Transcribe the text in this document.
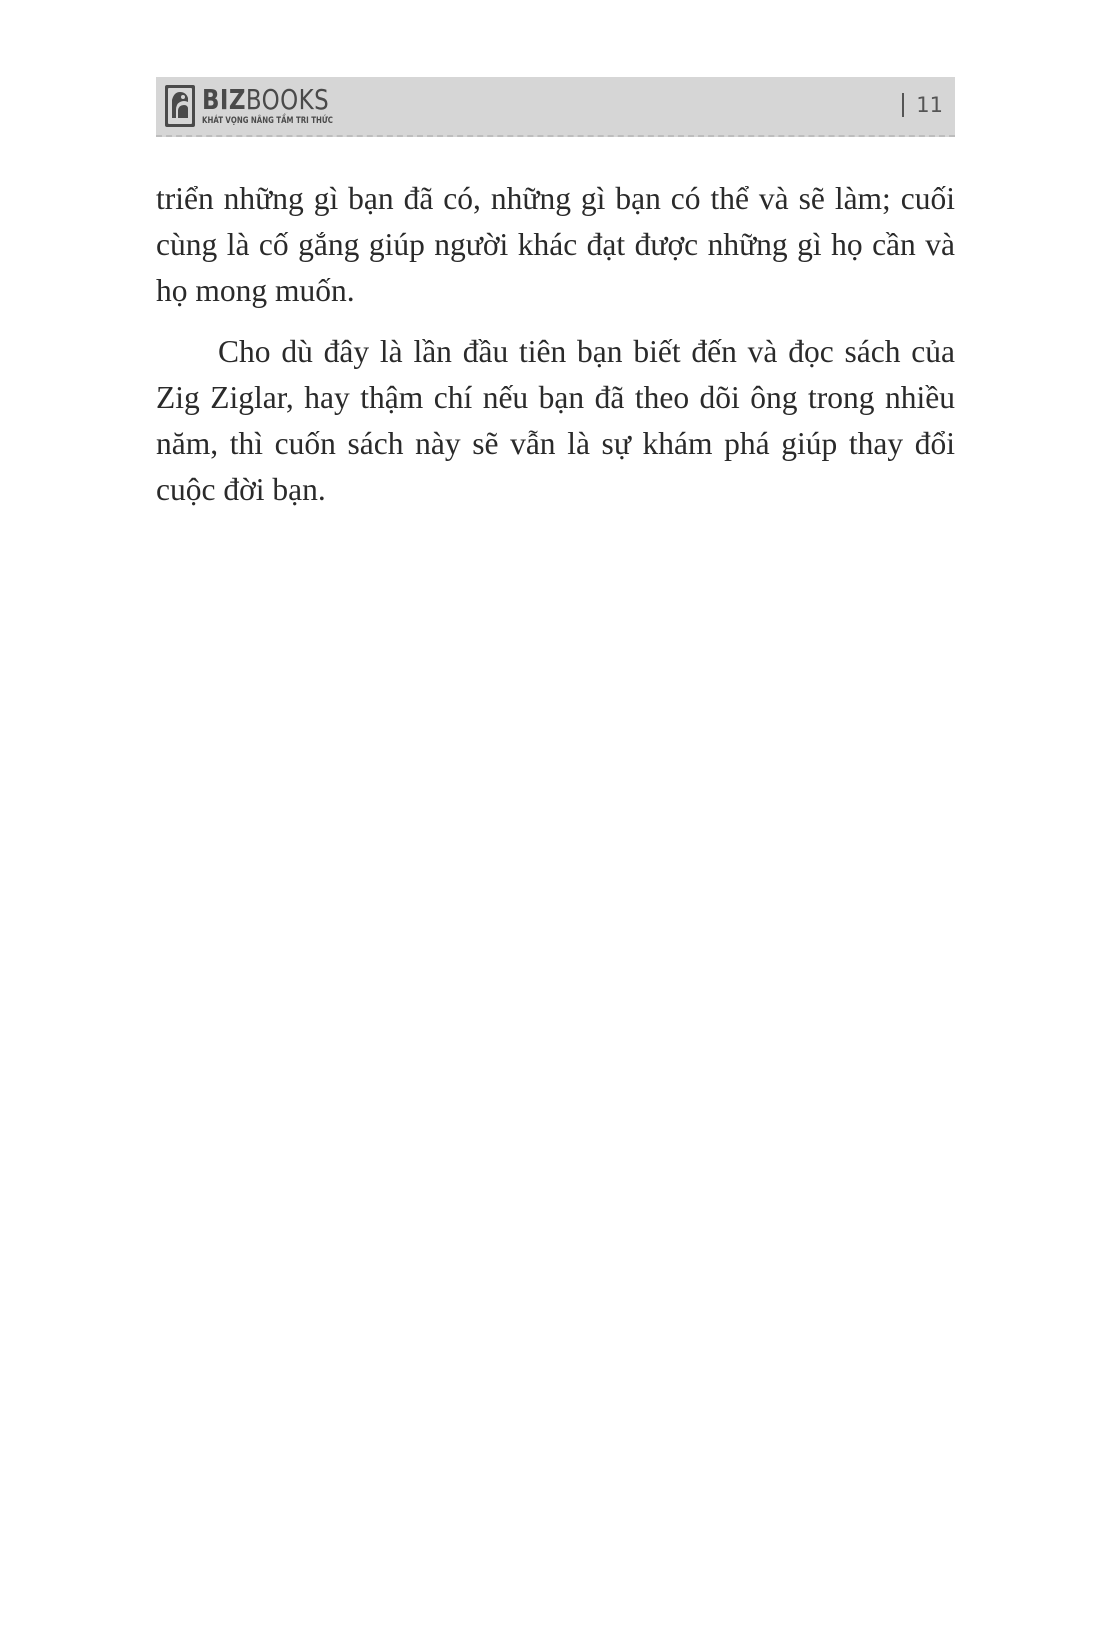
BIZBOOKS
KHÁT VỌNG NÂNG TẦM TRI THỨC
11

triển những gì bạn đã có, những gì bạn có thể và sẽ làm; cuối cùng là cố gắng giúp người khác đạt được những gì họ cần và họ mong muốn.

Cho dù đây là lần đầu tiên bạn biết đến và đọc sách của Zig Ziglar, hay thậm chí nếu bạn đã theo dõi ông trong nhiều năm, thì cuốn sách này sẽ vẫn là sự khám phá giúp thay đổi cuộc đời bạn.
